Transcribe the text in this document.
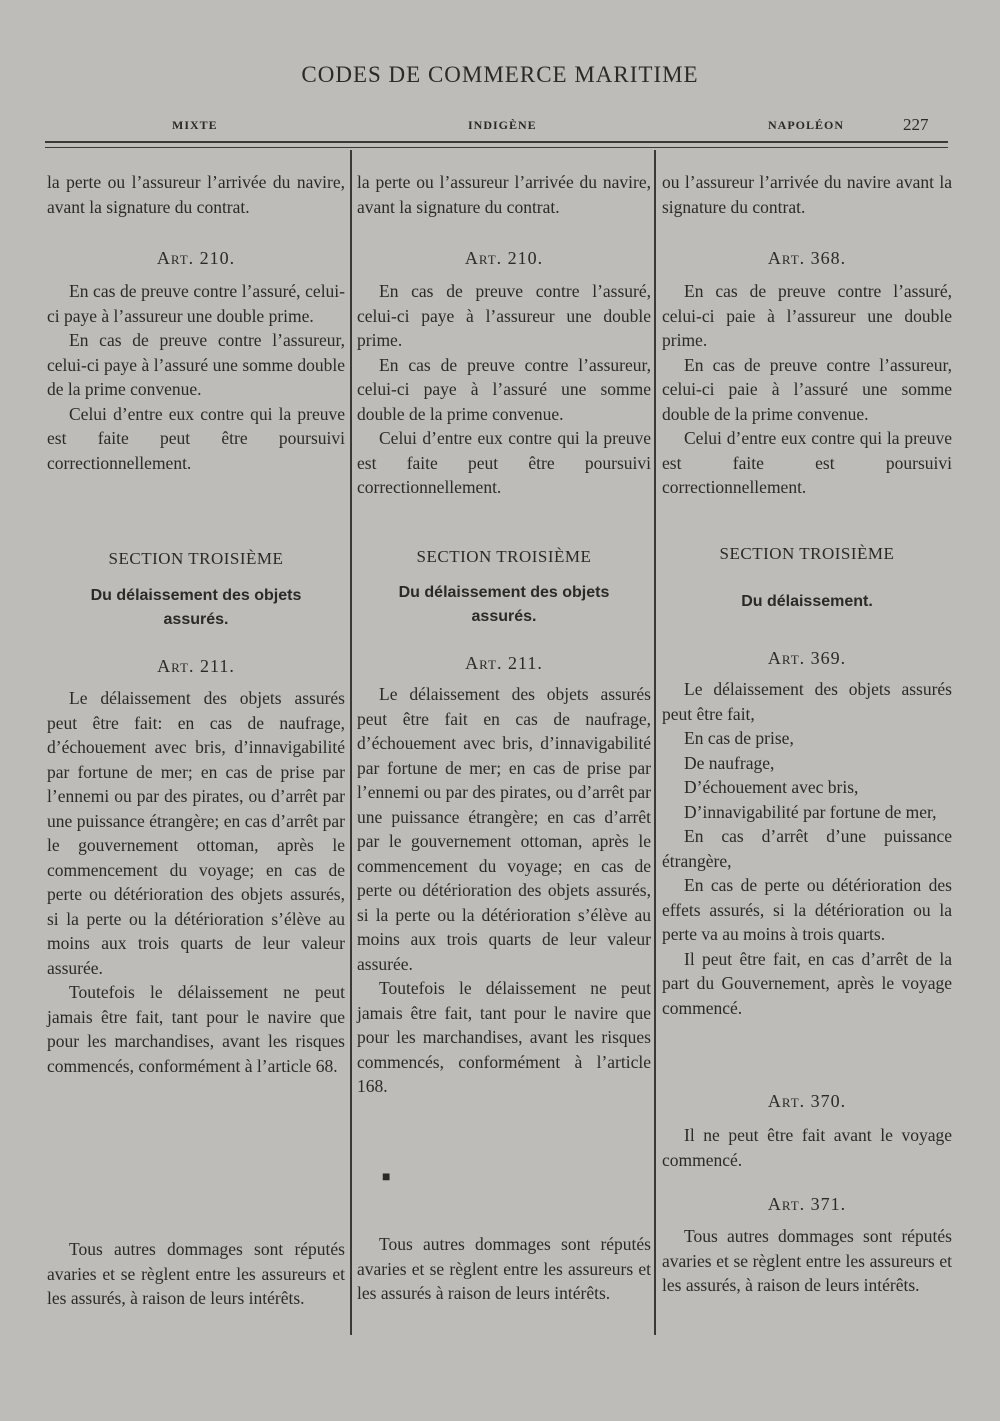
CODES DE COMMERCE MARITIME
MIXTE	INDIGÈNE	NAPOLÉON	227

la perte ou l’assureur l’arrivée du navire, avant la signature du contrat.

Art. 210.

En cas de preuve contre l’assuré, celui-ci paye à l’assureur une double prime.

En cas de preuve contre l’assureur, celui-ci paye à l’assuré une somme double de la prime convenue.

Celui d’entre eux contre qui la preuve est faite peut être poursuivi correctionnellement.

SECTION TROISIÈME
Du délaissement des objets assurés.
Art. 211.

Le délaissement des objets assurés peut être fait: en cas de naufrage, d’échouement avec bris, d’innavigabilité par fortune de mer; en cas de prise par l’ennemi ou par des pirates, ou d’arrêt par une puissance étrangère; en cas d’arrêt par le gouvernement ottoman, après le commencement du voyage; en cas de perte ou détérioration des objets assurés, si la perte ou la détérioration s’élève au moins aux trois quarts de leur valeur assurée.

Toutefois le délaissement ne peut jamais être fait, tant pour le navire que pour les marchandises, avant les risques commencés, conformément à l’article 68.

Tous autres dommages sont réputés avaries et se règlent entre les assureurs et les assurés, à raison de leurs intérêts.

la perte ou l’assureur l’arrivée du navire, avant la signature du contrat.

Art. 210.

En cas de preuve contre l’assuré, celui-ci paye à l’assureur une double prime.

En cas de preuve contre l’assureur, celui-ci paye à l’assuré une somme double de la prime convenue.

Celui d’entre eux contre qui la preuve est faite peut être poursuivi correctionnellement.

SECTION TROISIÈME
Du délaissement des objets assurés.
Art. 211.

Le délaissement des objets assurés peut être fait en cas de naufrage, d’échouement avec bris, d’innavigabilité par fortune de mer; en cas de prise par l’ennemi ou par des pirates, ou d’arrêt par une puissance étrangère; en cas d’arrêt par le gouvernement ottoman, après le commencement du voyage; en cas de perte ou détérioration des objets assurés, si la perte ou la détérioration s’élève au moins aux trois quarts de leur valeur assurée.

Toutefois le délaissement ne peut jamais être fait, tant pour le navire que pour les marchandises, avant les risques commencés, conformément à l’article 168.

■

Tous autres dommages sont réputés avaries et se règlent entre les assureurs et les assurés à raison de leurs intérêts.

ou l’assureur l’arrivée du navire avant la signature du contrat.

Art. 368.

En cas de preuve contre l’assuré, celui-ci paie à l’assureur une double prime.

En cas de preuve contre l’assureur, celui-ci paie à l’assuré une somme double de la prime convenue.

Celui d’entre eux contre qui la preuve est faite est poursuivi correctionnellement.

SECTION TROISIÈME
Du délaissement.
Art. 369.

Le délaissement des objets assurés peut être fait,

En cas de prise,

De naufrage,

D’échouement avec bris,

D’innavigabilité par fortune de mer,

En cas d’arrêt d’une puissance étrangère,

En cas de perte ou détérioration des effets assurés, si la détérioration ou la perte va au moins à trois quarts.

Il peut être fait, en cas d’arrêt de la part du Gouvernement, après le voyage commencé.

Art. 370.

Il ne peut être fait avant le voyage commencé.

Art. 371.

Tous autres dommages sont réputés avaries et se règlent entre les assureurs et les assurés, à raison de leurs intérêts.
